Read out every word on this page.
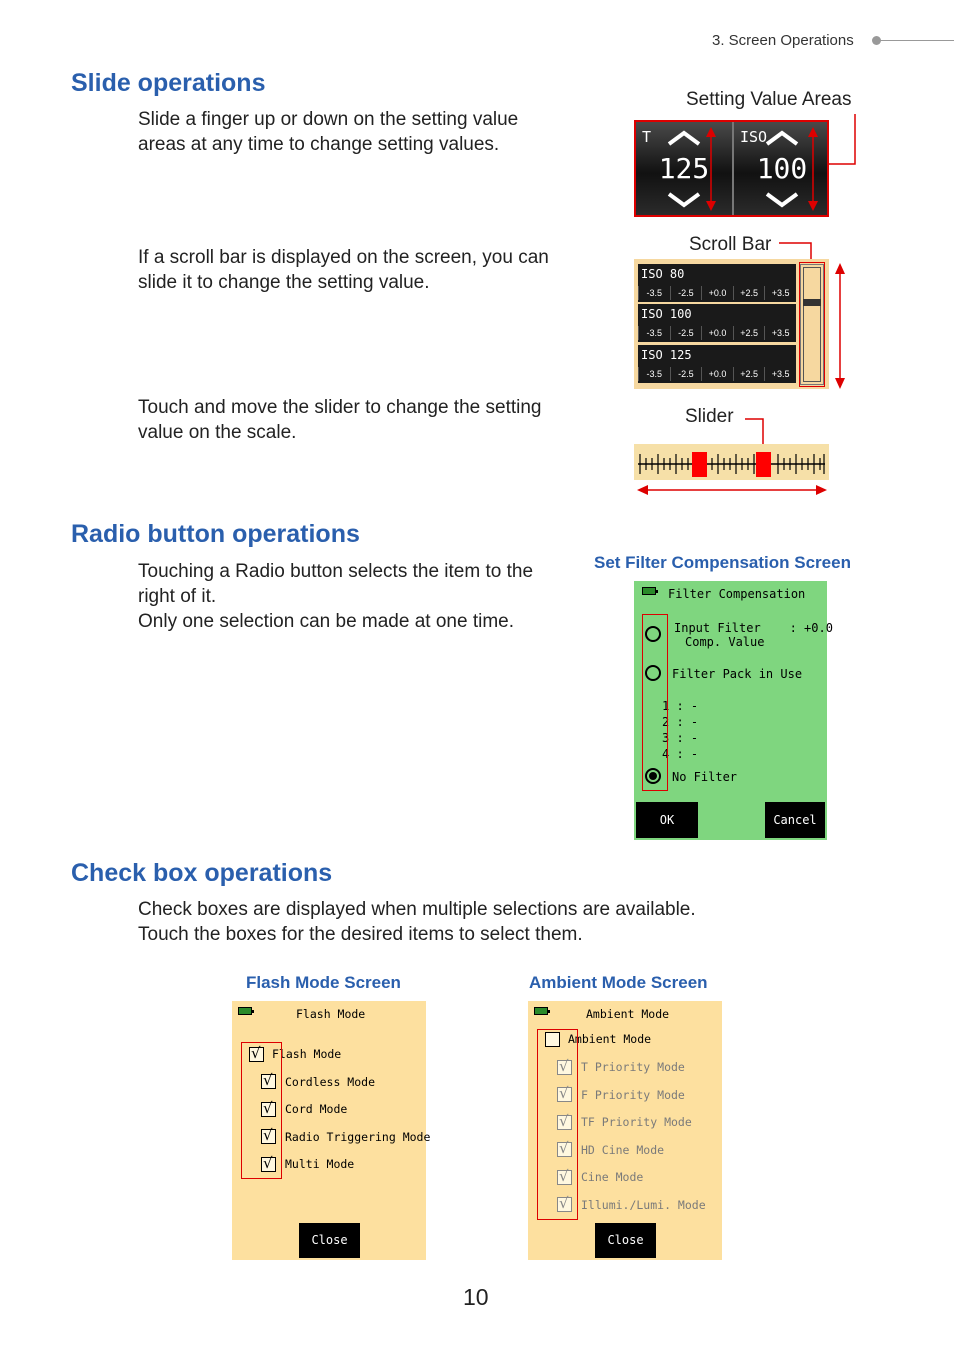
3. Screen Operations
Slide operations
Slide a finger up or down on the setting value
areas at any time to change setting values.
If a scroll bar is displayed on the screen, you can
slide it to change the setting value.
Touch and move the slider to change the setting
value on the scale.
Setting Value Areas
T
125
ISO
100
Scroll Bar
ISO 80
-3.5	-2.5	+0.0	+2.5	+3.5
ISO 100
-3.5	-2.5	+0.0	+2.5	+3.5
ISO 125
-3.5	-2.5	+0.0	+2.5	+3.5
Slider
Radio button operations
Touching a Radio button selects the item to the
right of it.
Only one selection can be made at one time.
Set Filter Compensation Screen
Filter Compensation
Input Filter    : +0.0
Comp. Value
Filter Pack in Use
1 : -
2 : -
3 : -
4 : -
No Filter
OK	Cancel
Check box operations
Check boxes are displayed when multiple selections are available.
Touch the boxes for the desired items to select them.
Flash Mode Screen	Ambient Mode Screen
Flash Mode
√ Flash Mode
√ Cordless Mode
√ Cord Mode
√ Radio Triggering Mode
√ Multi Mode
Close
Ambient Mode
Ambient Mode
√ T Priority Mode
√ F Priority Mode
√ TF Priority Mode
√ HD Cine Mode
√ Cine Mode
√ Illumi./Lumi. Mode
Close
10
